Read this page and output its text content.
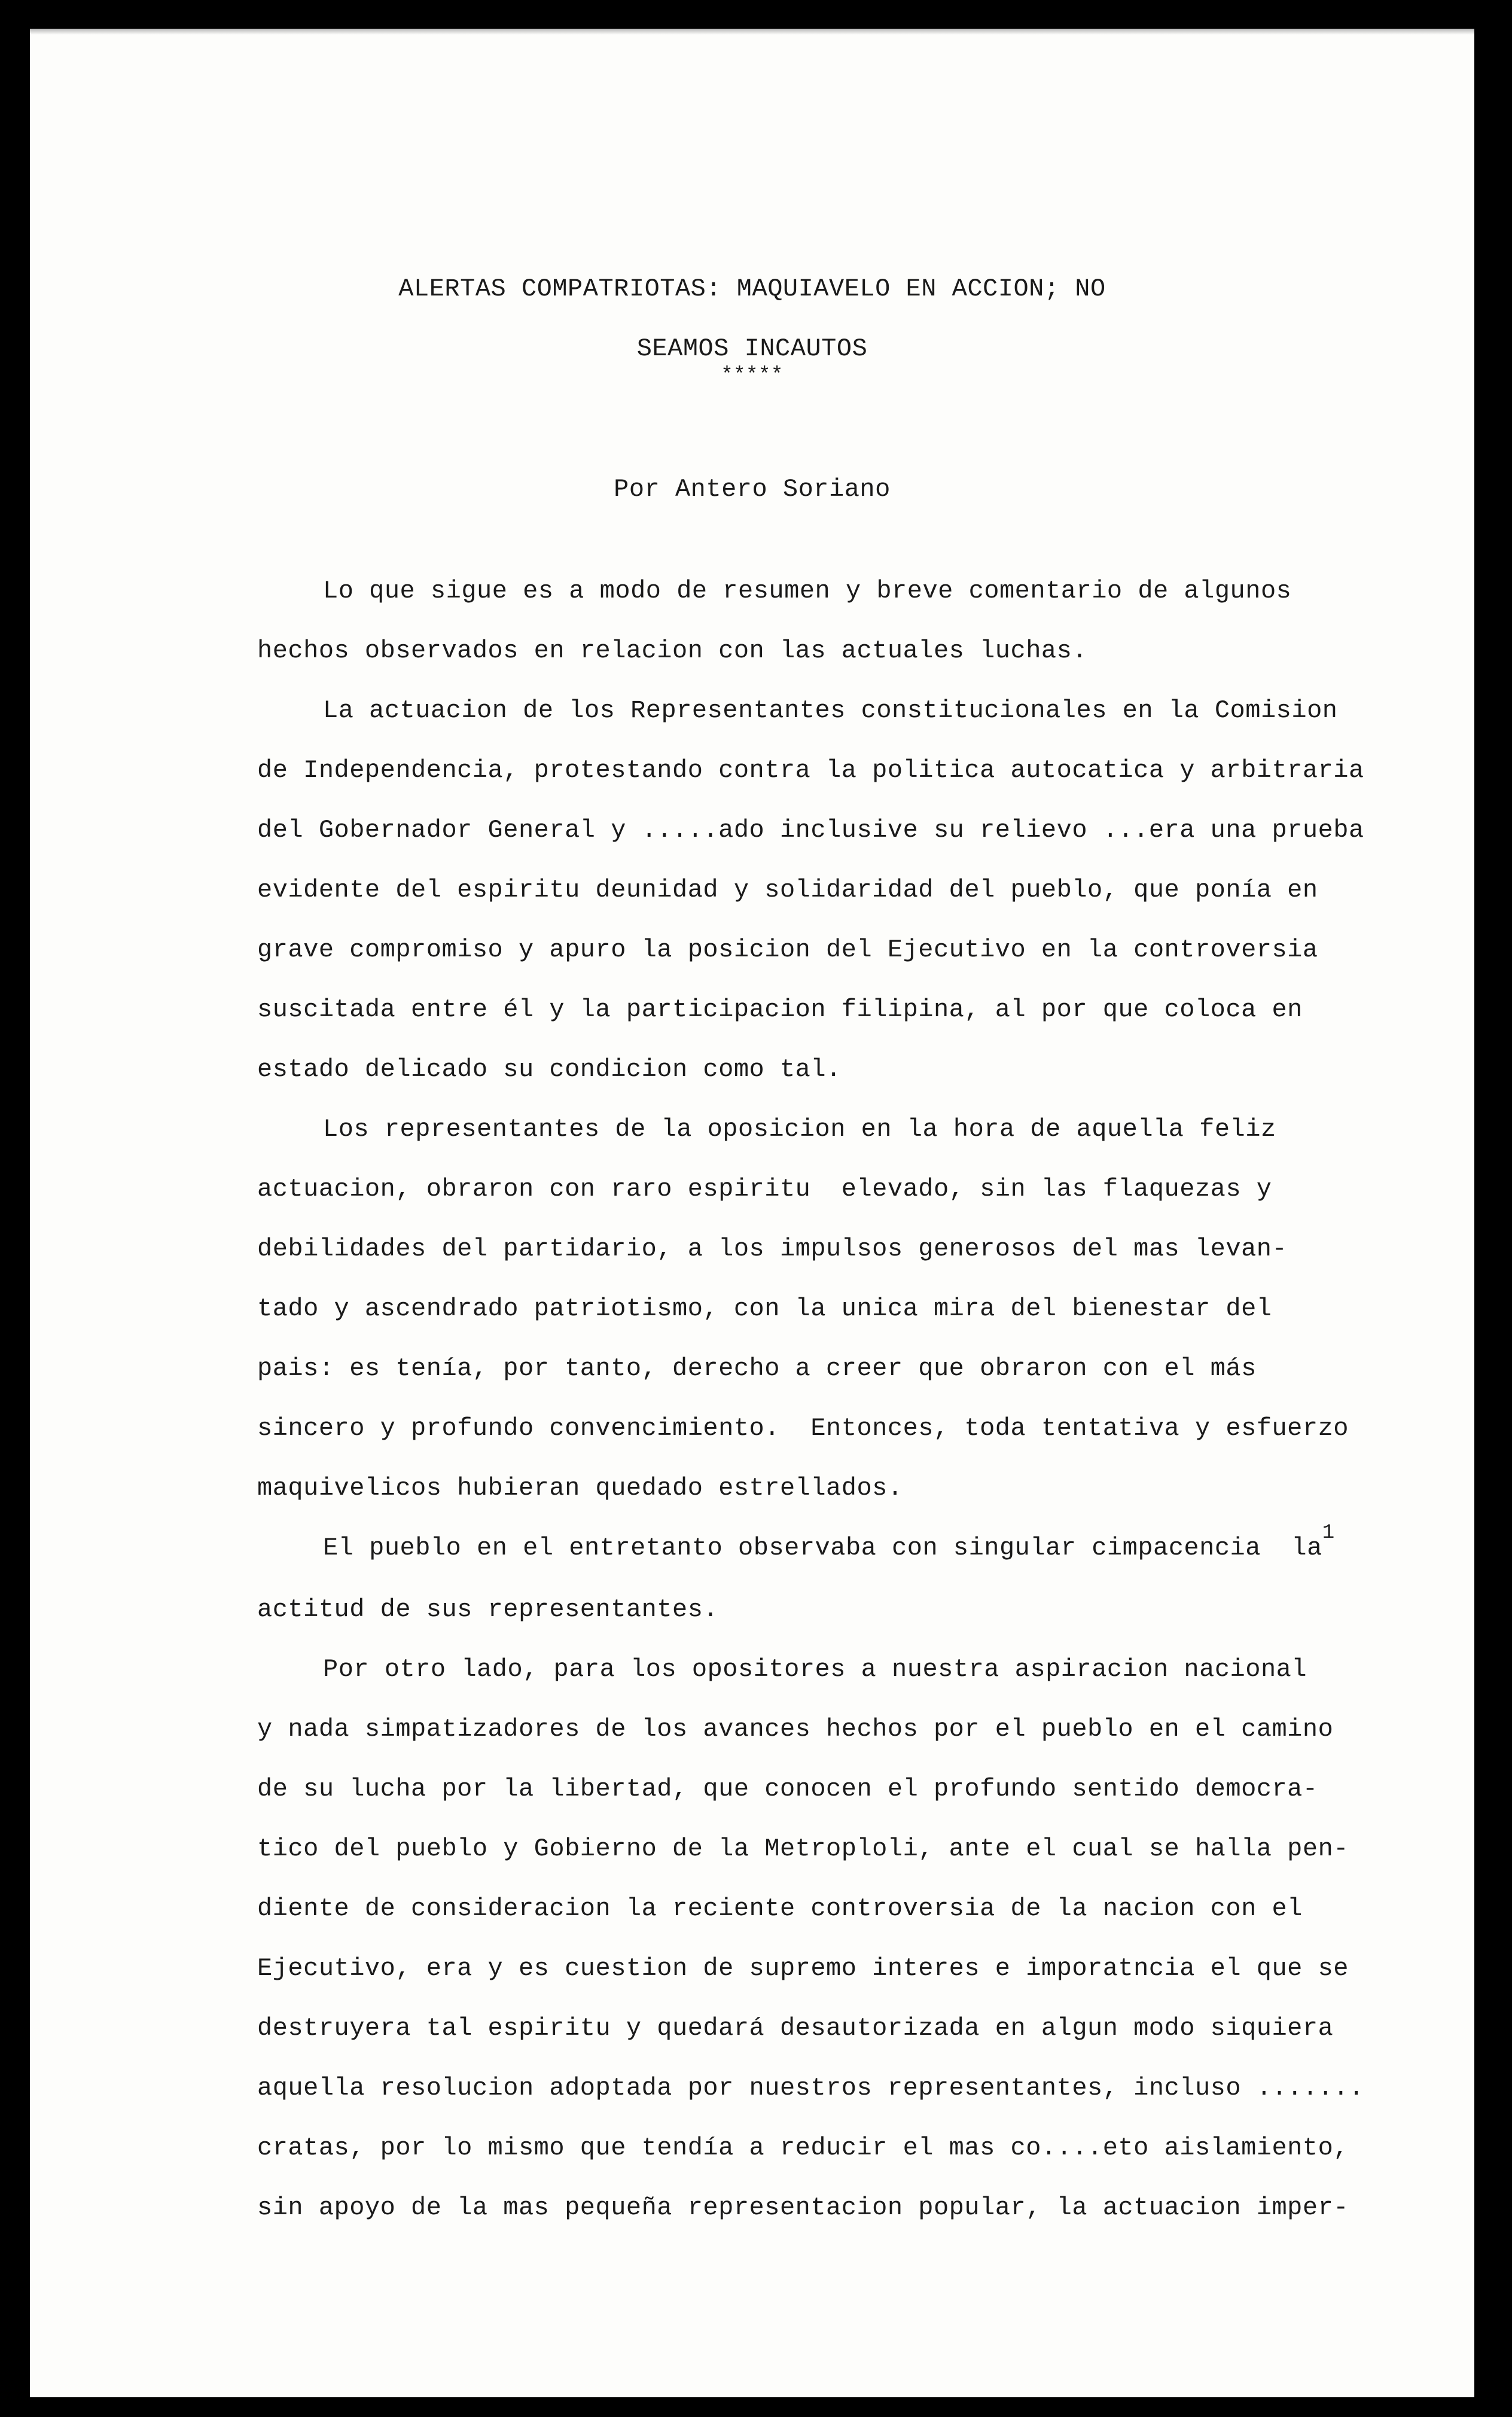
ALERTAS COMPATRIOTAS: MAQUIAVELO EN ACCION; NO
SEAMOS INCAUTOS
*****
Por Antero Soriano
Lo que sigue es a modo de resumen y breve comentario de algunos
hechos observados en relacion con las actuales luchas.
La actuacion de los Representantes constitucionales en la Comision
de Independencia, protestando contra la politica autocatica y arbitraria
del Gobernador General y .....ado inclusive su relievo ...era una prueba
evidente del espiritu deunidad y solidaridad del pueblo, que ponía en
grave compromiso y apuro la posicion del Ejecutivo en la controversia
suscitada entre él y la participacion filipina, al por que coloca en
estado delicado su condicion como tal.
Los representantes de la oposicion en la hora de aquella feliz
actuacion, obraron con raro espiritu  elevado, sin las flaquezas y
debilidades del partidario, a los impulsos generosos del mas levan-
tado y ascendrado patriotismo, con la unica mira del bienestar del
pais: es tenía, por tanto, derecho a creer que obraron con el más
sincero y profundo convencimiento.  Entonces, toda tentativa y esfuerzo
maquivelicos hubieran quedado estrellados.
El pueblo en el entretanto observaba con singular cimpacencia  la$^1$
actitud de sus representantes.
Por otro lado, para los opositores a nuestra aspiracion nacional
y nada simpatizadores de los avances hechos por el pueblo en el camino
de su lucha por la libertad, que conocen el profundo sentido democra-
tico del pueblo y Gobierno de la Metroploli, ante el cual se halla pen-
diente de consideracion la reciente controversia de la nacion con el
Ejecutivo, era y es cuestion de supremo interes e imporatncia el que se
destruyera tal espiritu y quedará desautorizada en algun modo siquiera
aquella resolucion adoptada por nuestros representantes, incluso .......
cratas, por lo mismo que tendía a reducir el mas co....eto aislamiento,
sin apoyo de la mas pequeña representacion popular, la actuacion imper-
